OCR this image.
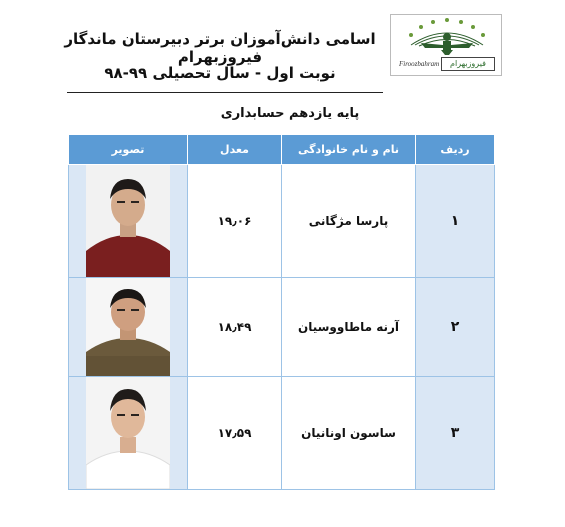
اسامی دانش‌آموزان برتر دبیرستان ماندگار فیروزبهرام
نوبت اول - سال تحصیلی ۹۹-۹۸	Firoozbahram	فیروزبهرام
پایه یازدهم حسابداری
تصویر	معدل	نام و نام خانوادگی	ردیف

	۱۹٫۰۶	پارسا مژگانی	۱

	۱۸٫۴۹	آرنه ماطاووسیان	۲

	۱۷٫۵۹	ساسون اونانیان	۳
